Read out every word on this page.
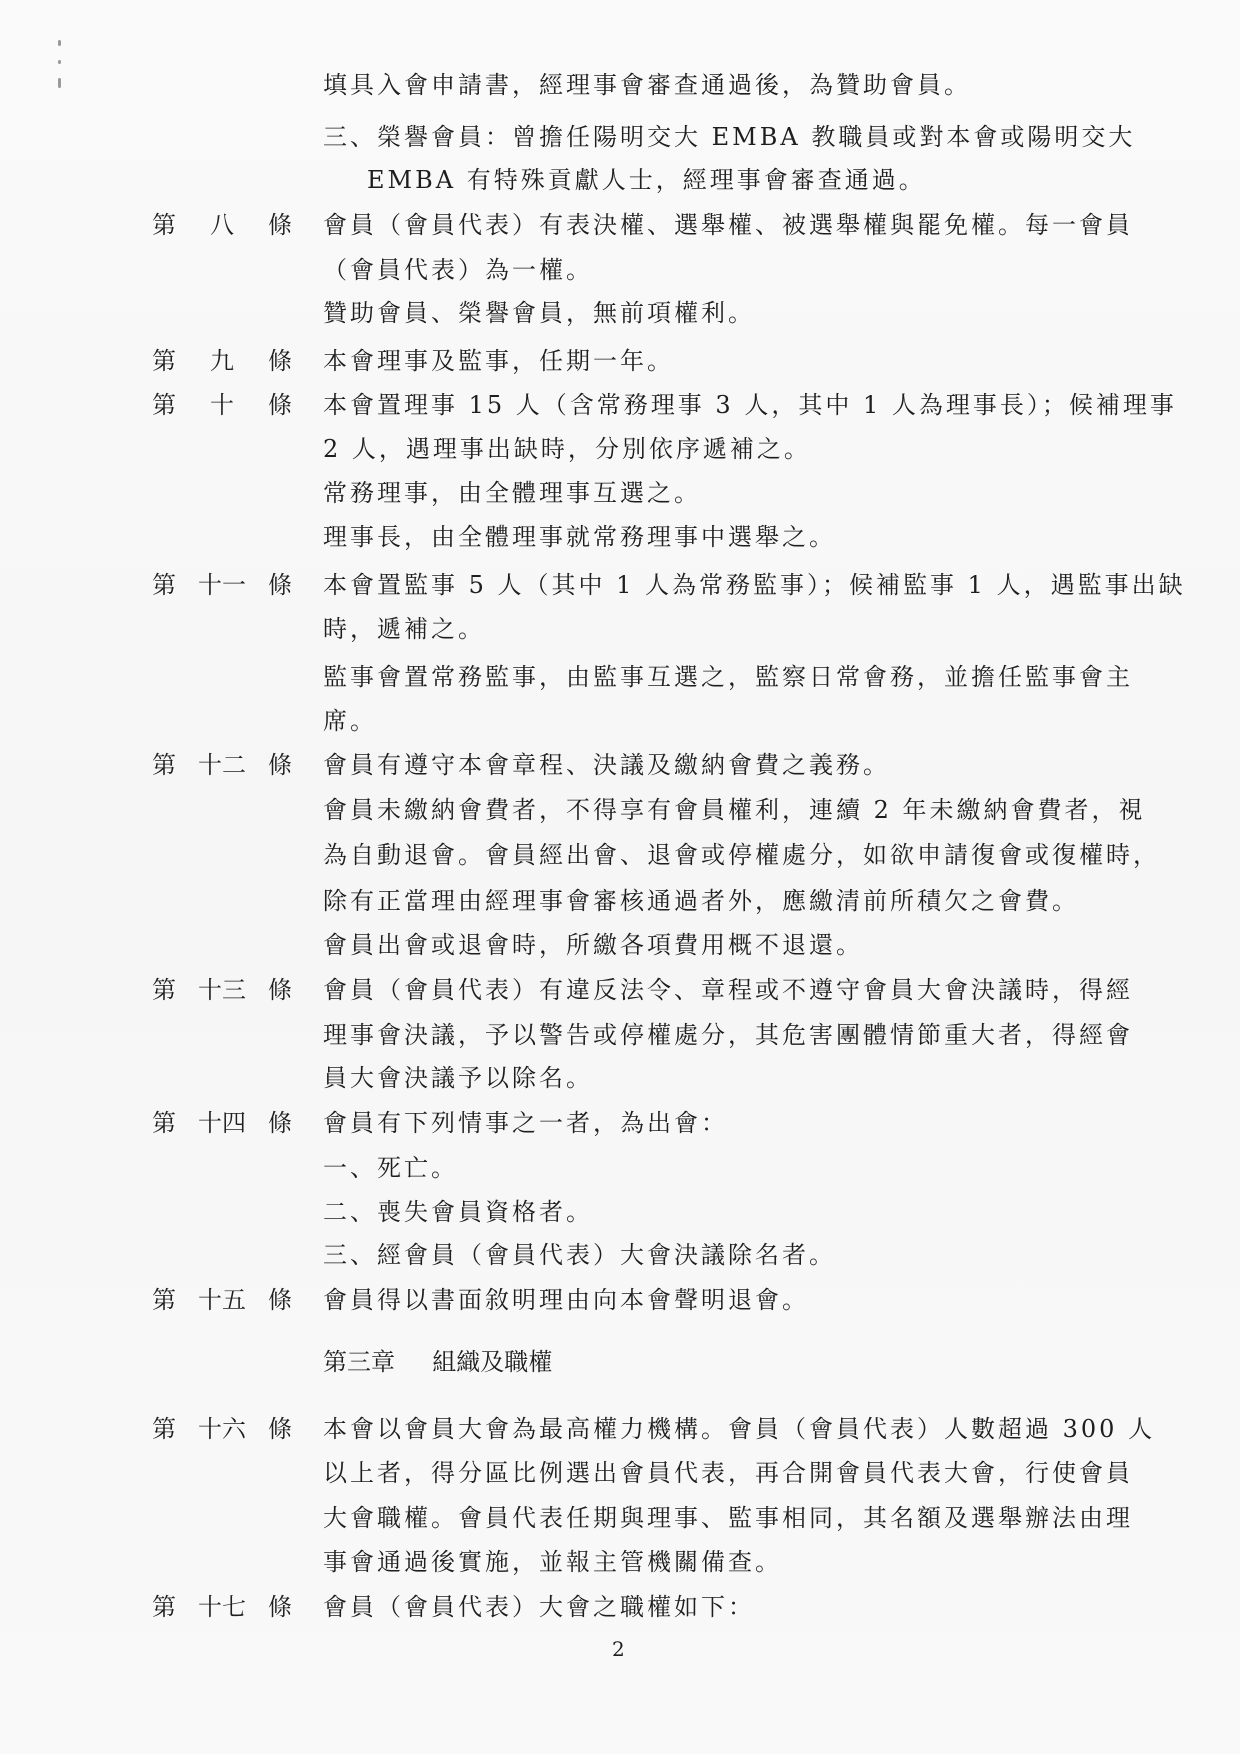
填具入會申請書，經理事會審查通過後，為贊助會員。
三、榮譽會員：曾擔任陽明交大 EMBA 教職員或對本會或陽明交大
EMBA 有特殊貢獻人士，經理事會審查通過。
第 八 條 會員（會員代表）有表決權、選舉權、被選舉權與罷免權。每一會員
（會員代表）為一權。
贊助會員、榮譽會員，無前項權利。
第 九 條 本會理事及監事，任期一年。
第 十 條 本會置理事 15 人（含常務理事 3 人，其中 1 人為理事長）；候補理事
2 人，遇理事出缺時，分別依序遞補之。
常務理事，由全體理事互選之。
理事長，由全體理事就常務理事中選舉之。
第 十一 條 本會置監事 5 人（其中 1 人為常務監事）；候補監事 1 人，遇監事出缺
時，遞補之。
監事會置常務監事，由監事互選之，監察日常會務，並擔任監事會主
席。
第 十二 條 會員有遵守本會章程、決議及繳納會費之義務。
會員未繳納會費者，不得享有會員權利，連續 2 年未繳納會費者，視
為自動退會。會員經出會、退會或停權處分，如欲申請復會或復權時，
除有正當理由經理事會審核通過者外，應繳清前所積欠之會費。
會員出會或退會時，所繳各項費用概不退還。
第 十三 條 會員（會員代表）有違反法令、章程或不遵守會員大會決議時，得經
理事會決議，予以警告或停權處分，其危害團體情節重大者，得經會
員大會決議予以除名。
第 十四 條 會員有下列情事之一者，為出會：
一、死亡。
二、喪失會員資格者。
三、經會員（會員代表）大會決議除名者。
第 十五 條 會員得以書面敘明理由向本會聲明退會。
第 十六 條 本會以會員大會為最高權力機構。會員（會員代表）人數超過 300 人
以上者，得分區比例選出會員代表，再合開會員代表大會，行使會員
大會職權。會員代表任期與理事、監事相同，其名額及選舉辦法由理
事會通過後實施，並報主管機關備查。
第 十七 條 會員（會員代表）大會之職權如下：
第三章 組織及職權
2
